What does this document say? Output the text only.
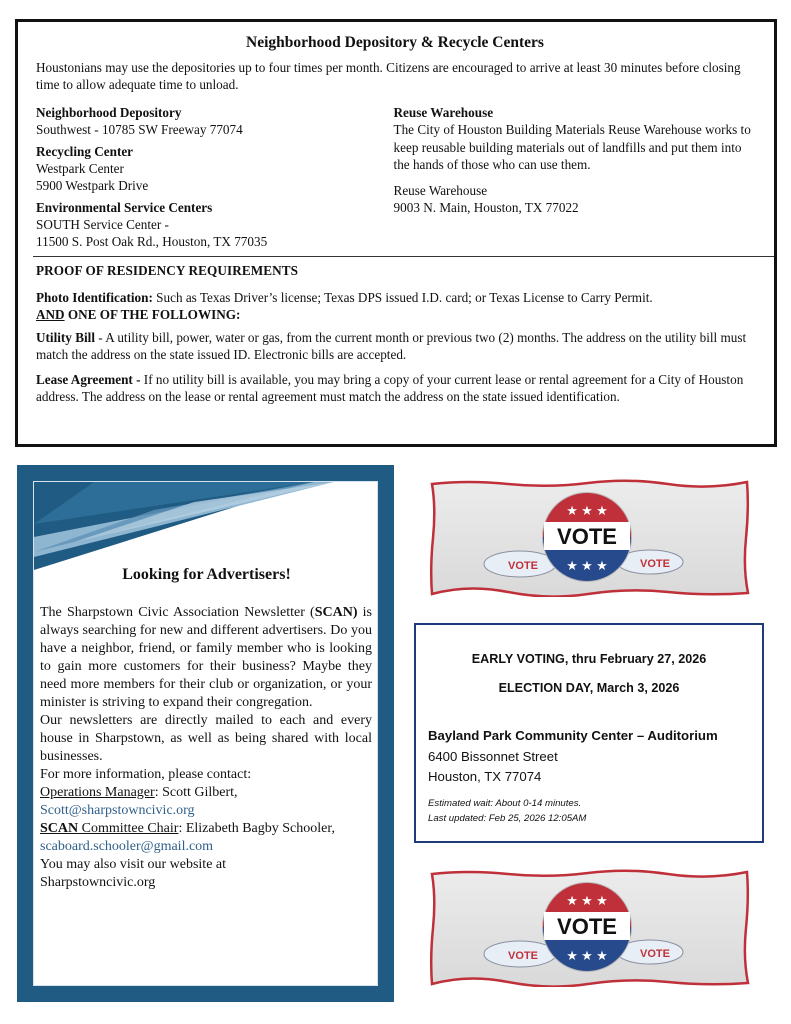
Neighborhood Depository & Recycle Centers
Houstonians may use the depositories up to four times per month. Citizens are encouraged to arrive at least 30 minutes before closing time to allow adequate time to unload.
Neighborhood Depository
Southwest - 10785 SW Freeway 77074
Recycling Center
Westpark Center
5900 Westpark Drive
Environmental Service Centers
SOUTH Service Center -
11500 S. Post Oak Rd., Houston, TX 77035
Reuse Warehouse
The City of Houston Building Materials Reuse Warehouse works to keep reusable building materials out of landfills and put them into the hands of those who can use them.
Reuse Warehouse
9003 N. Main, Houston, TX 77022
PROOF OF RESIDENCY REQUIREMENTS
Photo Identification: Such as Texas Driver’s license; Texas DPS issued I.D. card; or Texas License to Carry Permit.
AND ONE OF THE FOLLOWING:
Utility Bill - A utility bill, power, water or gas, from the current month or previous two (2) months. The address on the utility bill must match the address on the state issued ID. Electronic bills are accepted.
Lease Agreement - If no utility bill is available, you may bring a copy of your current lease or rental agreement for a City of Houston address. The address on the lease or rental agreement must match the address on the state issued identification.
Looking for Advertisers!

The Sharpstown Civic Association Newsletter (SCAN) is always searching for new and different advertisers. Do you have a neighbor, friend, or family member who is looking to gain more customers for their business? Maybe they need more members for their club or organization, or your minister is striving to expand their congregation.

Our newsletters are directly mailed to each and every house in Sharpstown, as well as being shared with local businesses.

For more information, please contact:

Operations Manager: Scott Gilbert,

Scott@sharpstowncivic.org

SCAN Committee Chair: Elizabeth Bagby Schooler,

scaboard.schooler@gmail.com

You may also visit our website at

Sharpstowncivic.org

VOTE	VOTE
VOTE
★ ★ ★
★ ★ ★
EARLY VOTING, thru February 27, 2026
ELECTION DAY, March 3, 2026
Bayland Park Community Center – Auditorium
6400 Bissonnet Street
Houston, TX 77074
Estimated wait: About 0-14 minutes.
Last updated: Feb 25, 2026 12:05AM
VOTE	VOTE
VOTE
★ ★ ★
★ ★ ★
